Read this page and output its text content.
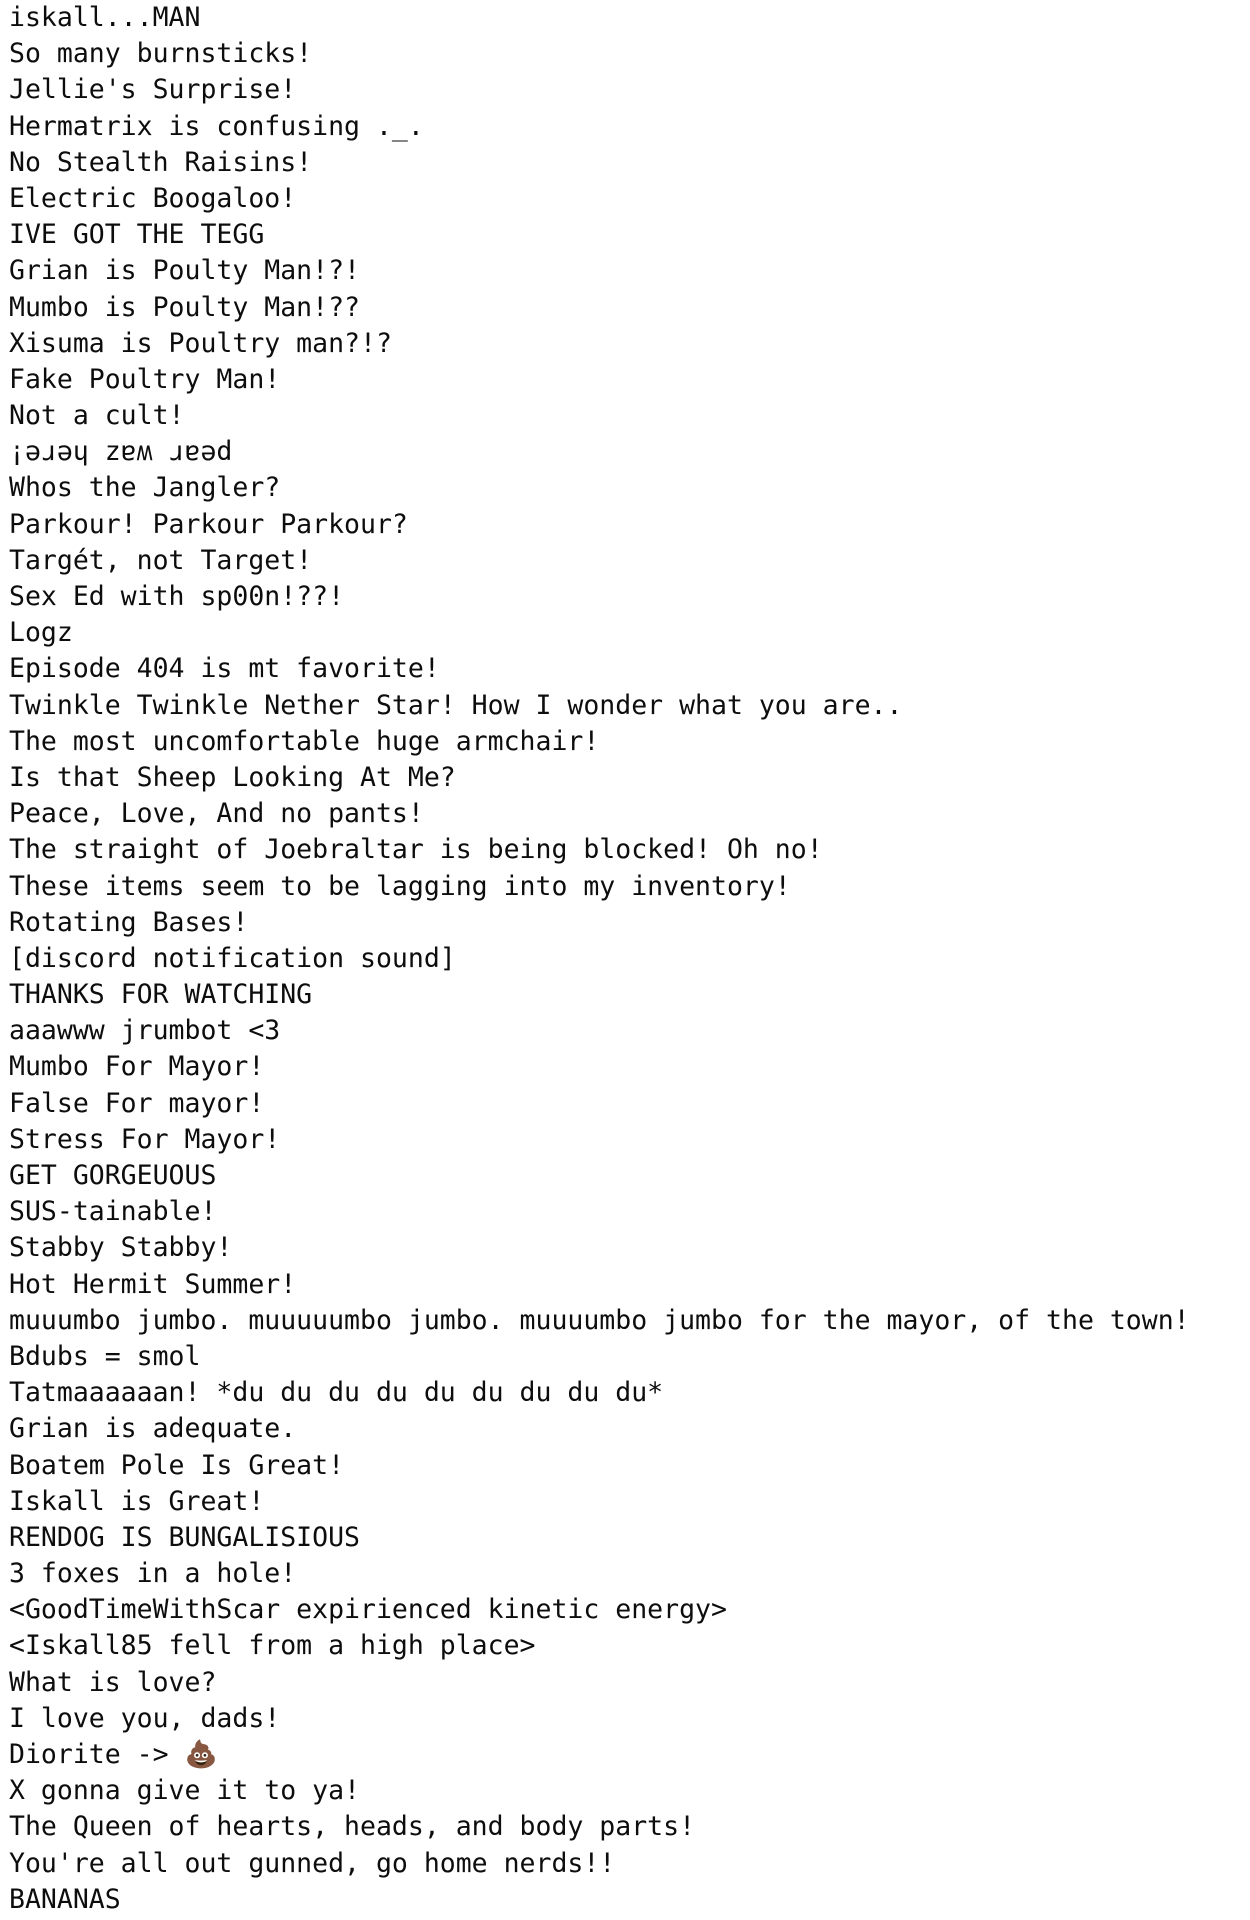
iskall...MAN
So many burnsticks!
Jellie's Surprise!
Hermatrix is confusing ._.
No Stealth Raisins!
Electric Boogaloo!
IVE GOT THE TEGG
Grian is Poulty Man!?!
Mumbo is Poulty Man!??
Xisuma is Poultry man?!?
Fake Poultry Man!
Not a cult!
¡ǝɹǝɥ zɐʍ ɹɐǝd
Whos the Jangler?
Parkour! Parkour Parkour?
Targét, not Target!
Sex Ed with sp00n!??!
Logz
Episode 404 is mt favorite!
Twinkle Twinkle Nether Star! How I wonder what you are..
The most uncomfortable huge armchair!
Is that Sheep Looking At Me?
Peace, Love, And no pants!
The straight of Joebraltar is being blocked! Oh no!
These items seem to be lagging into my inventory!
Rotating Bases!
[discord notification sound]
THANKS FOR WATCHING
aaawww jrumbot <3
Mumbo For Mayor!
False For mayor!
Stress For Mayor!
GET GORGEUOUS
SUS-tainable!
Stabby Stabby!
Hot Hermit Summer!
muuumbo jumbo. muuuuumbo jumbo. muuuumbo jumbo for the mayor, of the town!
Bdubs = smol
Tatmaaaaaan! *du du du du du du du du du*
Grian is adequate.
Boatem Pole Is Great!
Iskall is Great!
RENDOG IS BUNGALISIOUS
3 foxes in a hole!
<GoodTimeWithScar expirienced kinetic energy>
<Iskall85 fell from a high place>
What is love?
I love you, dads!
Diorite -> 💩
X gonna give it to ya!
The Queen of hearts, heads, and body parts!
You're all out gunned, go home nerds!!
BANANAS
